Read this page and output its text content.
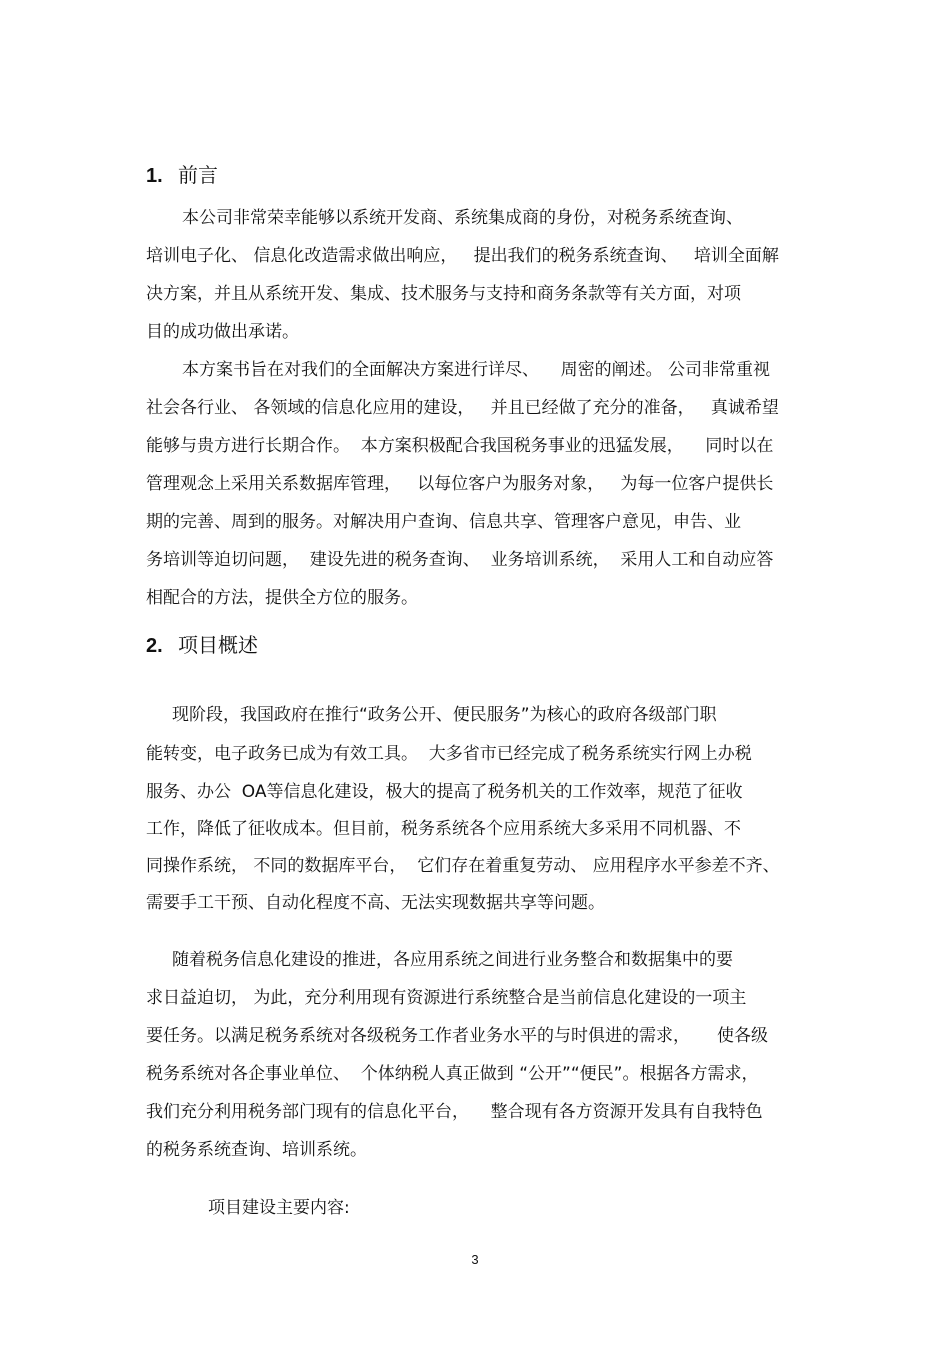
1. 前言
本公司非常荣幸能够以系统开发商、系统集成商的身份，对税务系统查询、
培训电子化、 信息化改造需求做出响应，   提出我们的税务系统查询、   培训全面解
决方案，并且从系统开发、集成、技术服务与支持和商务条款等有关方面，对项
目的成功做出承诺。
本方案书旨在对我们的全面解决方案进行详尽、    周密的阐述。 公司非常重视
社会各行业、 各领域的信息化应用的建设，   并且已经做了充分的准备，   真诚希望
能够与贵方进行长期合作。  本方案积极配合我国税务事业的迅猛发展，    同时以在
管理观念上采用关系数据库管理，   以每位客户为服务对象，   为每一位客户提供长
期的完善、周到的服务。对解决用户查询、信息共享、管理客户意见，申告、业
务培训等迫切问题，  建设先进的税务查询、  业务培训系统，  采用人工和自动应答
相配合的方法，提供全方位的服务。
2. 项目概述
现阶段，我国政府在推行“政务公开、便民服务”为核心的政府各级部门职
能转变，电子政务已成为有效工具。  大多省市已经完成了税务系统实行网上办税
服务、办公  OA等信息化建设，极大的提高了税务机关的工作效率，规范了征收
工作，降低了征收成本。但目前，税务系统各个应用系统大多采用不同机器、不
同操作系统， 不同的数据库平台，  它们存在着重复劳动、 应用程序水平参差不齐、
需要手工干预、自动化程度不高、无法实现数据共享等问题。
随着税务信息化建设的推进，各应用系统之间进行业务整合和数据集中的要
求日益迫切， 为此，充分利用现有资源进行系统整合是当前信息化建设的一项主
要任务。以满足税务系统对各级税务工作者业务水平的与时俱进的需求，     使各级
税务系统对各企事业单位、  个体纳税人真正做到 “公开”“便民”。根据各方需求，
我们充分利用税务部门现有的信息化平台，    整合现有各方资源开发具有自我特色
的税务系统查询、培训系统。
项目建设主要内容:
3
